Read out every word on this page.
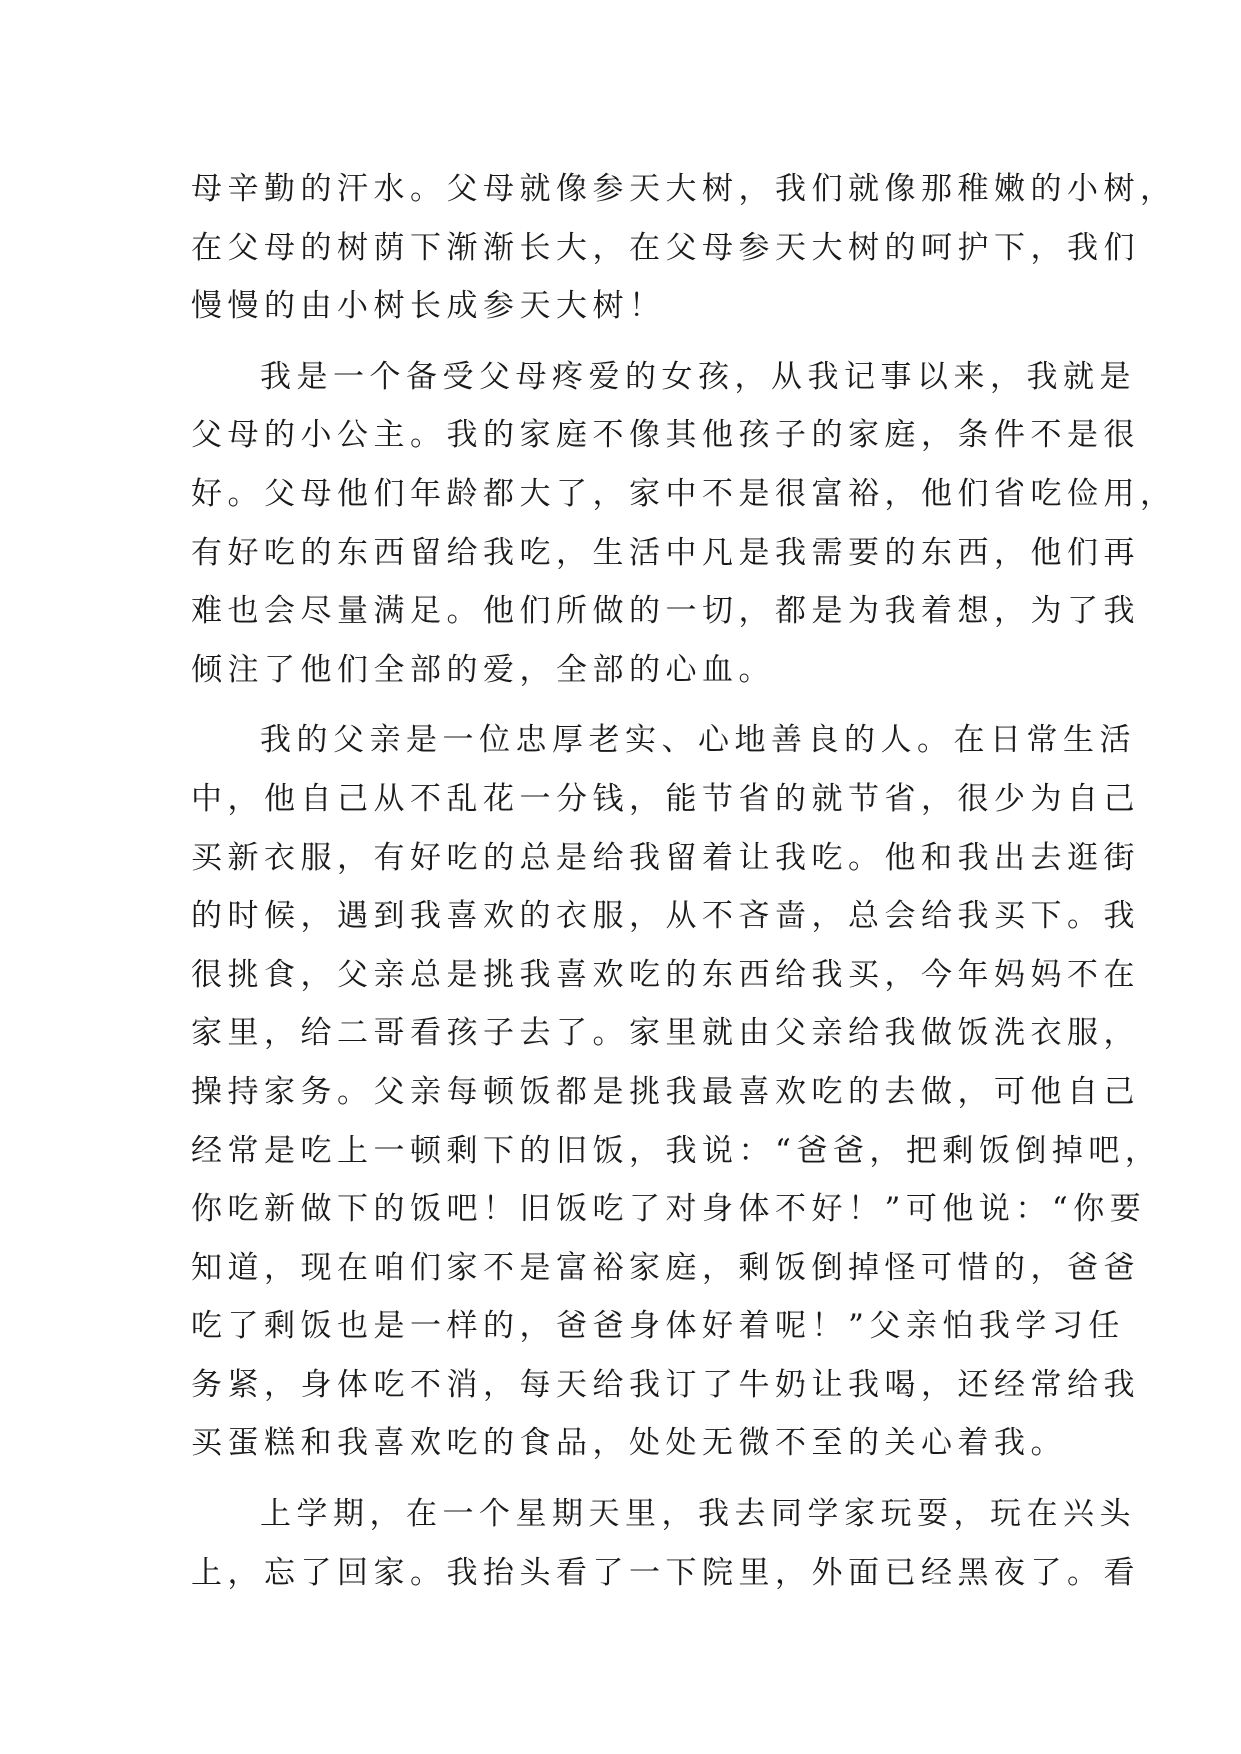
母辛勤的汗水。父母就像参天大树，我们就像那稚嫩的小树，
在父母的树荫下渐渐长大，在父母参天大树的呵护下，我们
慢慢的由小树长成参天大树！
我是一个备受父母疼爱的女孩，从我记事以来，我就是
父母的小公主。我的家庭不像其他孩子的家庭，条件不是很
好。父母他们年龄都大了，家中不是很富裕，他们省吃俭用，
有好吃的东西留给我吃，生活中凡是我需要的东西，他们再
难也会尽量满足。他们所做的一切，都是为我着想，为了我
倾注了他们全部的爱，全部的心血。
我的父亲是一位忠厚老实、心地善良的人。在日常生活
中，他自己从不乱花一分钱，能节省的就节省，很少为自己
买新衣服，有好吃的总是给我留着让我吃。他和我出去逛街
的时候，遇到我喜欢的衣服，从不吝啬，总会给我买下。我
很挑食，父亲总是挑我喜欢吃的东西给我买，今年妈妈不在
家里，给二哥看孩子去了。家里就由父亲给我做饭洗衣服，
操持家务。父亲每顿饭都是挑我最喜欢吃的去做，可他自己
经常是吃上一顿剩下的旧饭，我说：“爸爸，把剩饭倒掉吧，
你吃新做下的饭吧！旧饭吃了对身体不好！”可他说：“你要
知道，现在咱们家不是富裕家庭，剩饭倒掉怪可惜的，爸爸
吃了剩饭也是一样的，爸爸身体好着呢！”父亲怕我学习任
务紧，身体吃不消，每天给我订了牛奶让我喝，还经常给我
买蛋糕和我喜欢吃的食品，处处无微不至的关心着我。
上学期，在一个星期天里，我去同学家玩耍，玩在兴头
上，忘了回家。我抬头看了一下院里，外面已经黑夜了。看
